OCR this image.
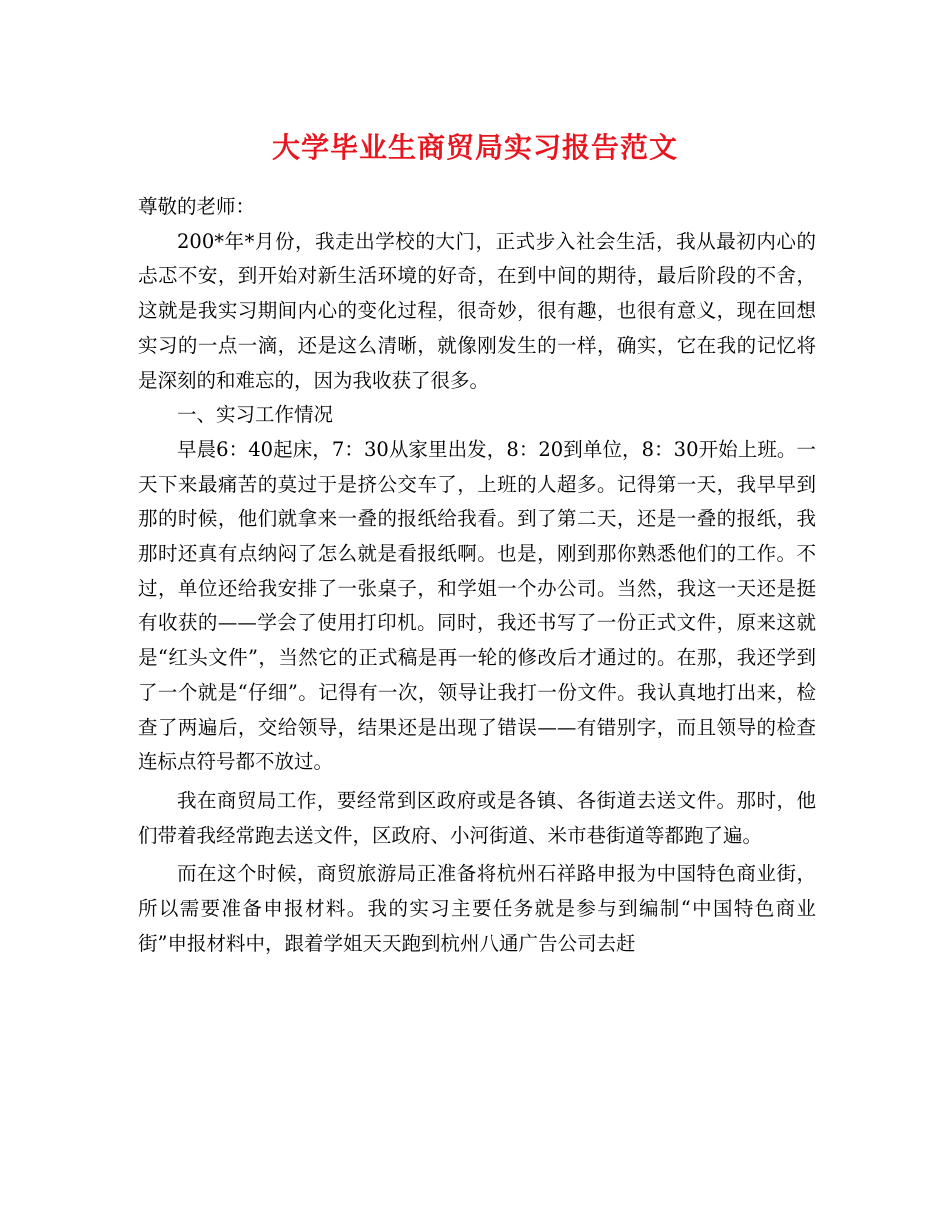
大学毕业生商贸局实习报告范文

尊敬的老师：

200*年*月份，我走出学校的大门，正式步入社会生活，我从最初内心的忐忑不安，到开始对新生活环境的好奇，在到中间的期待，最后阶段的不舍，这就是我实习期间内心的变化过程，很奇妙，很有趣，也很有意义，现在回想实习的一点一滴，还是这么清晰，就像刚发生的一样，确实，它在我的记忆将是深刻的和难忘的，因为我收获了很多。

一、实习工作情况

早晨6：40起床，7：30从家里出发，8：20到单位，8：30开始上班。一天下来最痛苦的莫过于是挤公交车了，上班的人超多。记得第一天，我早早到那的时候，他们就拿来一叠的报纸给我看。到了第二天，还是一叠的报纸，我那时还真有点纳闷了怎么就是看报纸啊。也是，刚到那你熟悉他们的工作。不过，单位还给我安排了一张桌子，和学姐一个办公司。当然，我这一天还是挺有收获的——学会了使用打印机。同时，我还书写了一份正式文件，原来这就是“红头文件”，当然它的正式稿是再一轮的修改后才通过的。在那，我还学到了一个就是“仔细”。记得有一次，领导让我打一份文件。我认真地打出来，检查了两遍后，交给领导，结果还是出现了错误——有错别字，而且领导的检查连标点符号都不放过。

我在商贸局工作，要经常到区政府或是各镇、各街道去送文件。那时，他们带着我经常跑去送文件，区政府、小河街道、米市巷街道等都跑了遍。

而在这个时候，商贸旅游局正准备将杭州石祥路申报为中国特色商业街，所以需要准备申报材料。我的实习主要任务就是参与到编制“中国特色商业街”申报材料中，跟着学姐天天跑到杭州八通广告公司去赶
